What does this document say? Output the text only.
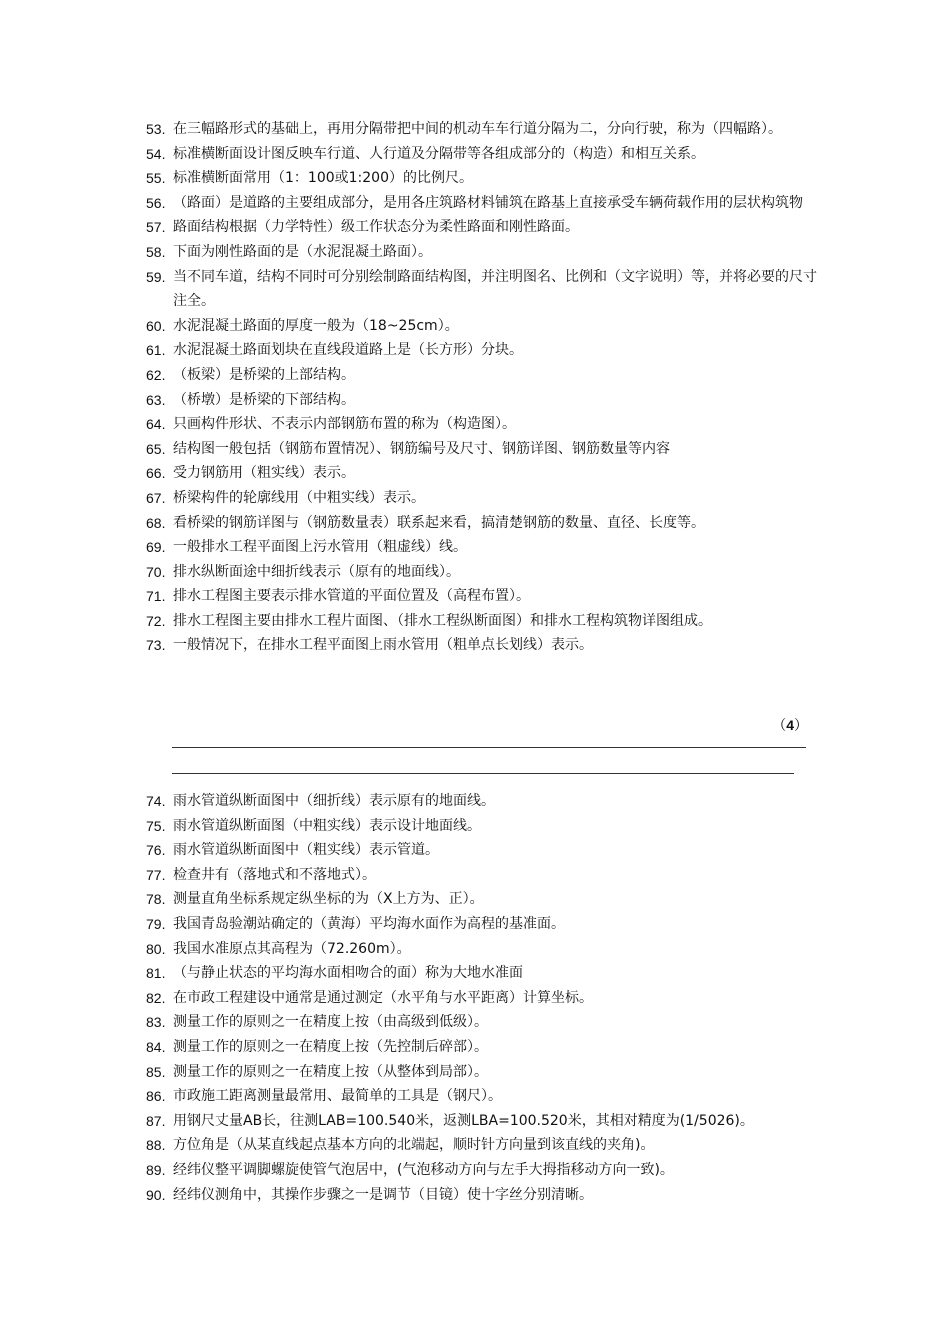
53. 在三幅路形式的基础上，再用分隔带把中间的机动车车行道分隔为二，分向行驶，称为（四幅路）。
54. 标准横断面设计图反映车行道、人行道及分隔带等各组成部分的（构造）和相互关系。
55. 标准横断面常用（1：100或1:200）的比例尺。
56. （路面）是道路的主要组成部分，是用各庄筑路材料铺筑在路基上直接承受车辆荷载作用的层状构筑物
57. 路面结构根据（力学特性）级工作状态分为柔性路面和刚性路面。
58. 下面为刚性路面的是（水泥混凝土路面）。
59. 当不同车道，结构不同时可分别绘制路面结构图，并注明图名、比例和（文字说明）等，并将必要的尺寸注全。
60. 水泥混凝土路面的厚度一般为（18~25cm）。
61. 水泥混凝土路面划块在直线段道路上是（长方形）分块。
62. （板梁）是桥梁的上部结构。
63. （桥墩）是桥梁的下部结构。
64. 只画构件形状、不表示内部钢筋布置的称为（构造图）。
65. 结构图一般包括（钢筋布置情况）、钢筋编号及尺寸、钢筋详图、钢筋数量等内容
66. 受力钢筋用（粗实线）表示。
67. 桥梁构件的轮廓线用（中粗实线）表示。
68. 看桥梁的钢筋详图与（钢筋数量表）联系起来看，搞清楚钢筋的数量、直径、长度等。
69. 一般排水工程平面图上污水管用（粗虚线）线。
70. 排水纵断面途中细折线表示（原有的地面线）。
71. 排水工程图主要表示排水管道的平面位置及（高程布置）。
72. 排水工程图主要由排水工程片面图、（排水工程纵断面图）和排水工程构筑物详图组成。
73. 一般情况下，在排水工程平面图上雨水管用（粗单点长划线）表示。
（4）
74. 雨水管道纵断面图中（细折线）表示原有的地面线。
75. 雨水管道纵断面图（中粗实线）表示设计地面线。
76. 雨水管道纵断面图中（粗实线）表示管道。
77. 检查井有（落地式和不落地式）。
78. 测量直角坐标系规定纵坐标的为（X上方为、正）。
79. 我国青岛验潮站确定的（黄海）平均海水面作为高程的基准面。
80. 我国水准原点其高程为（72.260m）。
81. （与静止状态的平均海水面相吻合的面）称为大地水准面
82. 在市政工程建设中通常是通过测定（水平角与水平距离）计算坐标。
83. 测量工作的原则之一在精度上按（由高级到低级）。
84. 测量工作的原则之一在精度上按（先控制后碎部）。
85. 测量工作的原则之一在精度上按（从整体到局部）。
86. 市政施工距离测量最常用、最简单的工具是（钢尺）。
87. 用钢尺丈量AB长，往测LAB=100.540米，返测LBA=100.520米，其相对精度为(1/5026)。
88. 方位角是（从某直线起点基本方向的北端起，顺时针方向量到该直线的夹角)。
89. 经纬仪整平调脚螺旋使管气泡居中，(气泡移动方向与左手大拇指移动方向一致)。
90. 经纬仪测角中，其操作步骤之一是调节（目镜）使十字丝分别清晰。
